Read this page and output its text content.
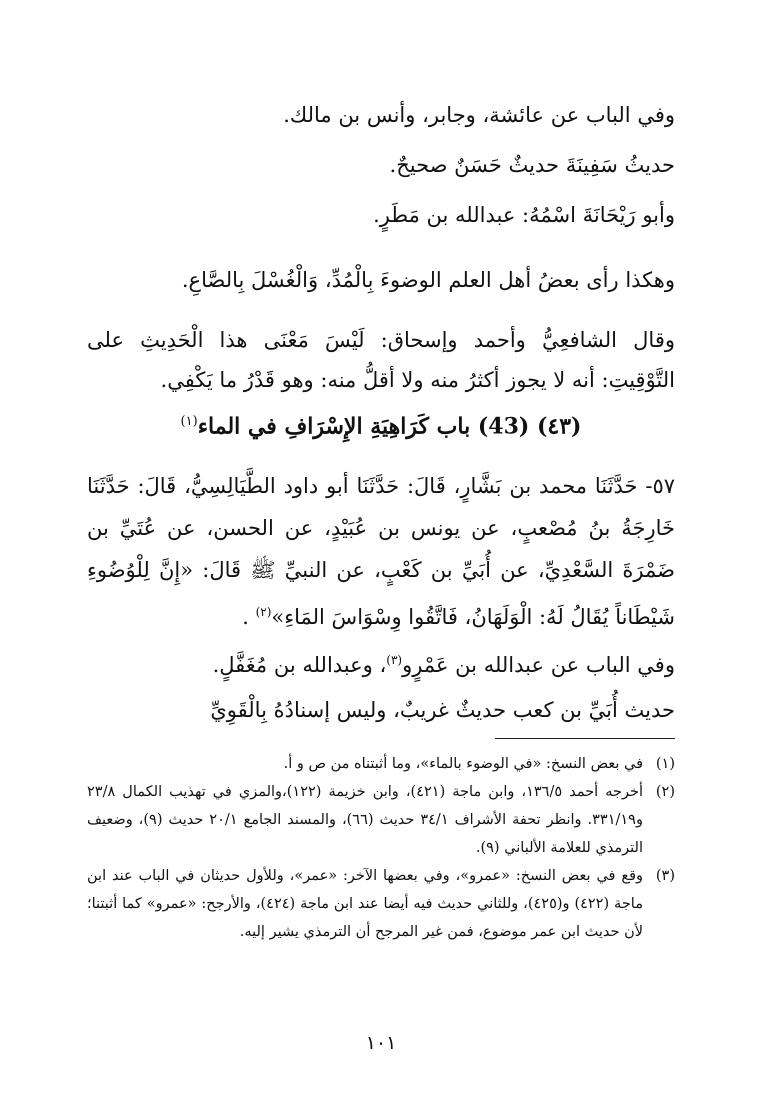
وفي الباب عن عائشة، وجابر، وأنس بن مالك.
حديثُ سَفِينَةَ حديثٌ حَسَنٌ صحيحٌ.
وأبو رَيْحَانَةَ اسْمُهُ: عبدالله بن مَطَرٍ.
وهكذا رأى بعضُ أهل العلم الوضوءَ بِالْمُدِّ، وَالْغُسْلَ بِالصَّاعِ.
وقال الشافعِيُّ وأحمد وإسحاق: لَيْسَ مَعْنَى هذا الْحَدِيثِ على التَّوْقِيتِ: أنه لا يجوز أكثرُ منه ولا أقلُّ منه: وهو قَدْرُ ما يَكْفِي.
(٤٣) (43) باب كَرَاهِيَةِ الإِسْرَافِ في الماء$^{(١)}$
٥٧- حَدَّثَنَا محمد بن بَشَّارٍ، قَالَ: حَدَّثَنَا أبو داود الطَّيَالِسِيُّ، قَالَ: حَدَّثَنَا خَارِجَةُ بنُ مُصْعبٍ، عن يونس بن عُبَيْدٍ، عن الحسن، عن عُتَيِّ بن ضَمْرَةَ السَّعْدِيِّ، عن أُبَيِّ بن كَعْبٍ، عن النبيِّ ﷺ قَالَ: «إِنَّ لِلْوُضُوءِ شَيْطَاناً يُقَالُ لَهُ: الْوَلَهَانُ، فَاتَّقُوا وِسْوَاسَ المَاءِ»$^{(٢)}$ .
وفي الباب عن عبدالله بن عَمْرٍو$^{(٣)}$، وعبدالله بن مُغَفَّلٍ.
حديث أُبَيِّ بن كعب حديثٌ غريبٌ، وليس إسنادُهُ بِالْقَوِيِّ
(١)
في بعض النسخ: «في الوضوء بالماء»، وما أثبتناه من ص و أ.
(٢)
أخرجه أحمد ١٣٦/٥، وابن ماجة (٤٢١)، وابن خزيمة (١٢٢)،والمزي في تهذيب الكمال ٢٣/٨ و٣٣١/١٩. وانظر تحفة الأشراف ٣٤/١ حديث (٦٦)، والمسند الجامع ٢٠/١ حديث (٩)، وضعيف الترمذي للعلامة الألباني (٩).
(٣)
وقع في بعض النسخ: «عمرو»، وفي بعضها الآخر: «عمر»، وللأول حديثان في الباب عند ابن ماجة (٤٢٢) و(٤٢٥)، وللثاني حديث فيه أيضا عند ابن ماجة (٤٢٤)، والأرجح: «عمرو» كما أثبتنا؛ لأن حديث ابن عمر موضوع، فمن غير المرجح أن الترمذي يشير إليه.
١٠١
